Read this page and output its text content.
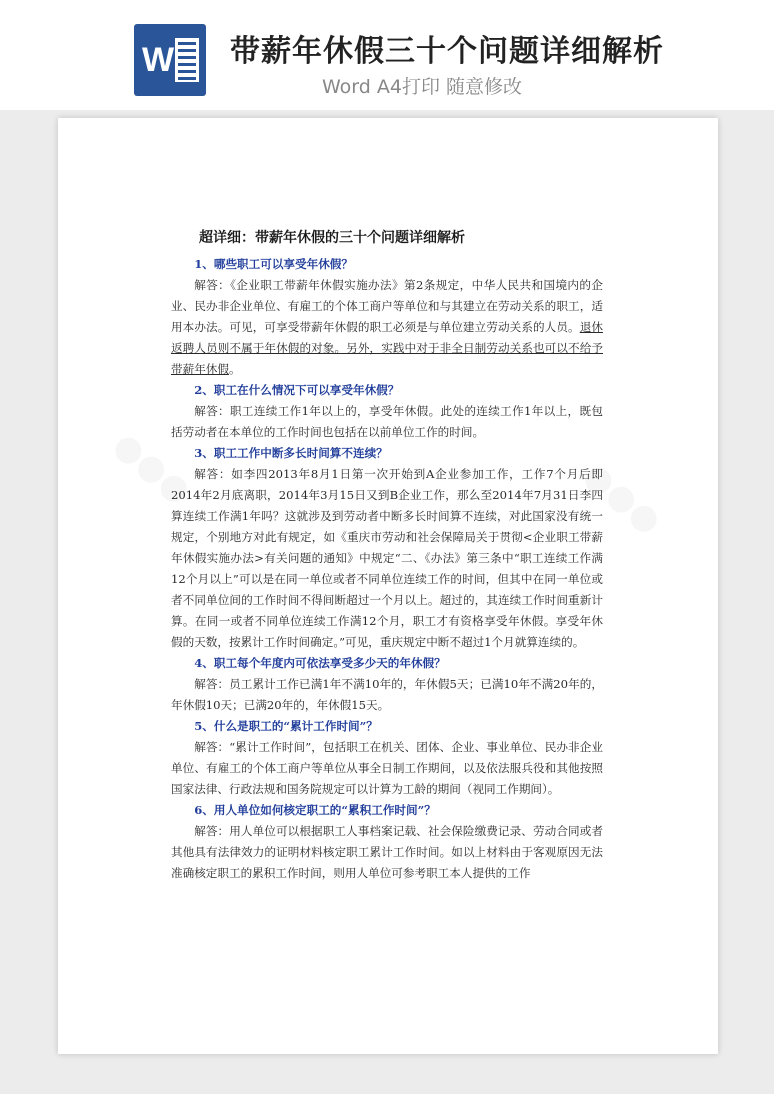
W 带薪年休假三十个问题详细解析
Word A4打印 随意修改
超详细：带薪年休假的三十个问题详细解析

1、哪些职工可以享受年休假？

解答：《企业职工带薪年休假实施办法》第2条规定，中华人民共和国境内的企业、民办非企业单位、有雇工的个体工商户等单位和与其建立在劳动关系的职工，适用本办法。可见，可享受带薪年休假的职工必须是与单位建立劳动关系的人员。退休返聘人员则不属于年休假的对象。另外，实践中对于非全日制劳动关系也可以不给予带薪年休假。

2、职工在什么情况下可以享受年休假？

解答：职工连续工作1年以上的，享受年休假。此处的连续工作1年以上，既包括劳动者在本单位的工作时间也包括在以前单位工作的时间。

3、职工工作中断多长时间算不连续？

解答：如李四2013年8月1日第一次开始到A企业参加工作，工作7个月后即2014年2月底离职，2014年3月15日又到B企业工作，那么至2014年7月31日李四算连续工作满1年吗？这就涉及到劳动者中断多长时间算不连续，对此国家没有统一规定，个别地方对此有规定，如《重庆市劳动和社会保障局关于贯彻<企业职工带薪年休假实施办法>有关问题的通知》中规定“二、《办法》第三条中“职工连续工作满12个月以上”可以是在同一单位或者不同单位连续工作的时间，但其中在同一单位或者不同单位间的工作时间不得间断超过一个月以上。超过的，其连续工作时间重新计算。在同一或者不同单位连续工作满12个月，职工才有资格享受年休假。享受年休假的天数，按累计工作时间确定。”可见，重庆规定中断不超过1个月就算连续的。

4、职工每个年度内可依法享受多少天的年休假？

解答：员工累计工作已满1年不满10年的，年休假5天；已满10年不满20年的，年休假10天；已满20年的，年休假15天。

5、什么是职工的“累计工作时间”？

解答：“累计工作时间”，包括职工在机关、团体、企业、事业单位、民办非企业单位、有雇工的个体工商户等单位从事全日制工作期间，以及依法服兵役和其他按照国家法律、行政法规和国务院规定可以计算为工龄的期间（视同工作期间）。

6、用人单位如何核定职工的“累积工作时间”？

解答：用人单位可以根据职工人事档案记载、社会保险缴费记录、劳动合同或者其他具有法律效力的证明材料核定职工累计工作时间。如以上材料由于客观原因无法准确核定职工的累积工作时间，则用人单位可参考职工本人提供的工作
